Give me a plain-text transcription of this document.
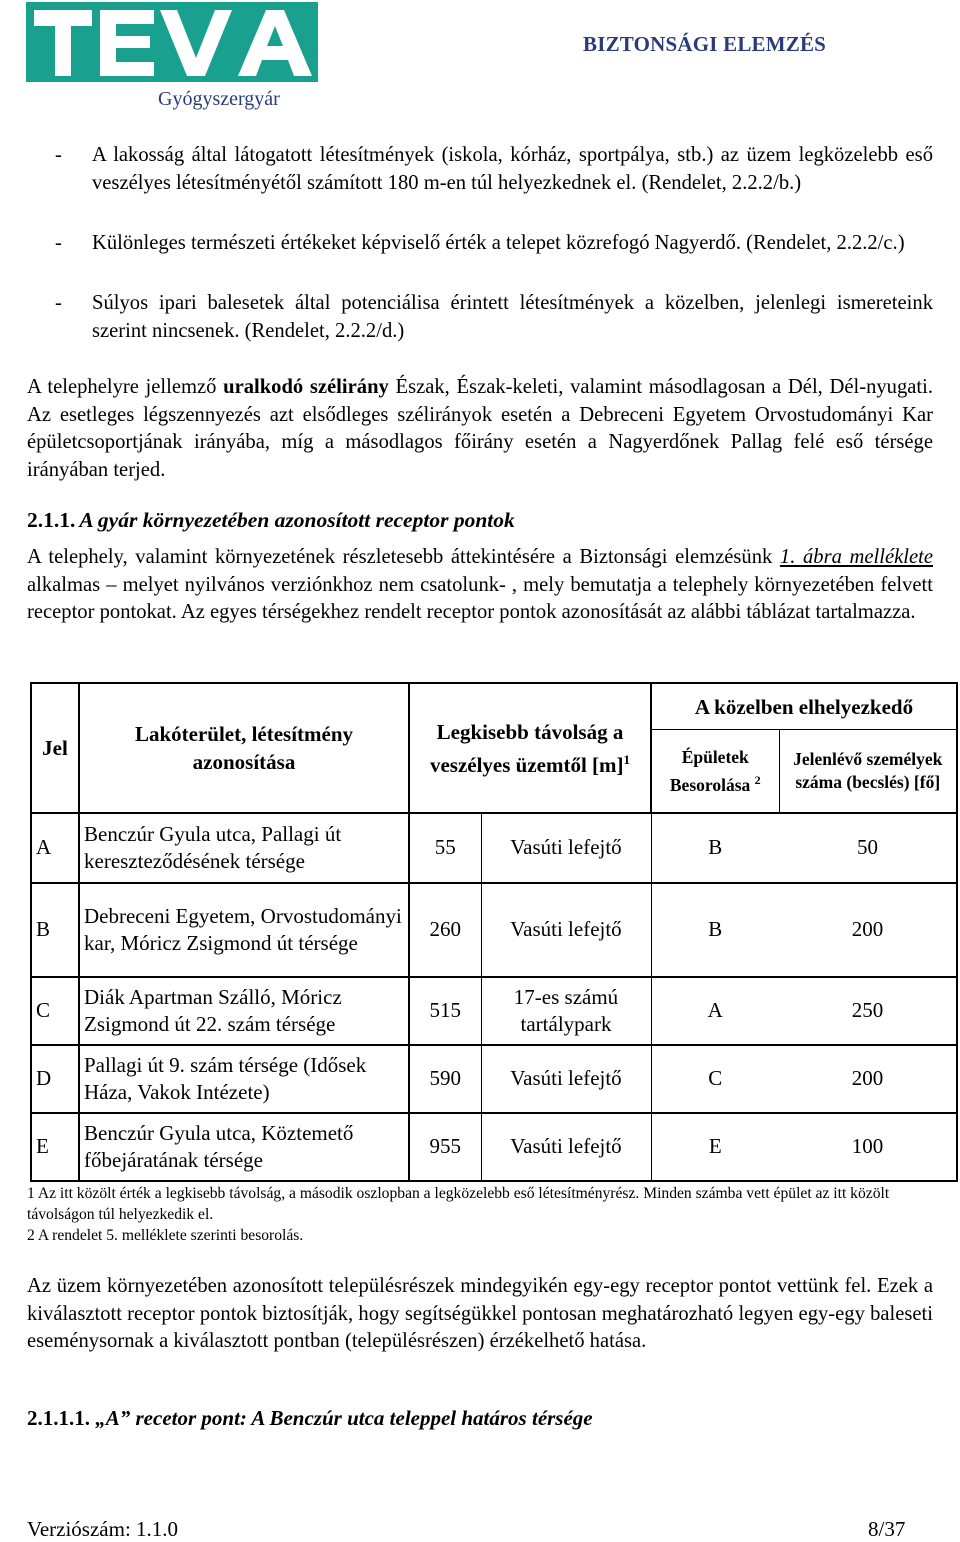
Gyógyszergyár
BIZTONSÁGI ELEMZÉS
- A lakosság által látogatott létesítmények (iskola, kórház, sportpálya, stb.) az üzem legközelebb eső veszélyes létesítményétől számított 180 m-en túl helyezkednek el. (Rendelet, 2.2.2/b.)
- Különleges természeti értékeket képviselő érték a telepet közrefogó Nagyerdő. (Rendelet, 2.2.2/c.)
- Súlyos ipari balesetek által potenciálisa érintett létesítmények a közelben, jelenlegi ismereteink szerint nincsenek. (Rendelet, 2.2.2/d.)
A telephelyre jellemző uralkodó szélirány Észak, Észak-keleti, valamint másodlagosan a Dél, Dél-nyugati. Az esetleges légszennyezés azt elsődleges szélirányok esetén a Debreceni Egyetem Orvostudományi Kar épületcsoportjának irányába, míg a másodlagos főirány esetén a Nagyerdőnek Pallag felé eső térsége irányában terjed.
2.1.1. A gyár környezetében azonosított receptor pontok
A telephely, valamint környezetének részletesebb áttekintésére a Biztonsági elemzésünk 1. ábra melléklete alkalmas – melyet nyilvános verziónkhoz nem csatolunk- , mely bemutatja a telephely környezetében felvett receptor pontokat. Az egyes térségekhez rendelt receptor pontok azonosítását az alábbi táblázat tartalmazza.
Jel	Lakóterület, létesítmény azonosítása	Legkisebb távolság a veszélyes üzemtől $[m]^1$		A közelben elhelyezkedő	
				Épületek Besorolása $^2$	Jelenlévő személyek száma (becslés) [fő]
A	Benczúr Gyula utca, Pallagi út kereszteződésének térsége	55	Vasúti lefejtő	B	50
B	Debreceni Egyetem, Orvostudományi kar, Móricz Zsigmond út térsége	260	Vasúti lefejtő	B	200
C	Diák Apartman Szálló, Móricz Zsigmond út 22. szám térsége	515	17-es számú tartálypark	A	250
D	Pallagi út 9. szám térsége (Idősek Háza, Vakok Intézete)	590	Vasúti lefejtő	C	200
E	Benczúr Gyula utca, Köztemető főbejáratának térsége	955	Vasúti lefejtő	E	100
1 Az itt közölt érték a legkisebb távolság, a második oszlopban a legközelebb eső létesítményrész. Minden számba vett épület az itt közölt távolságon túl helyezkedik el.
2 A rendelet 5. melléklete szerinti besorolás.
Az üzem környezetében azonosított településrészek mindegyikén egy-egy receptor pontot vettünk fel. Ezek a kiválasztott receptor pontok biztosítják, hogy segítségükkel pontosan meghatározható legyen egy-egy baleseti eseménysornak a kiválasztott pontban (településrészen) érzékelhető hatása.
2.1.1.1. „A” recetor pont: A Benczúr utca teleppel határos térsége
Verziószám: 1.1.0	8/37
